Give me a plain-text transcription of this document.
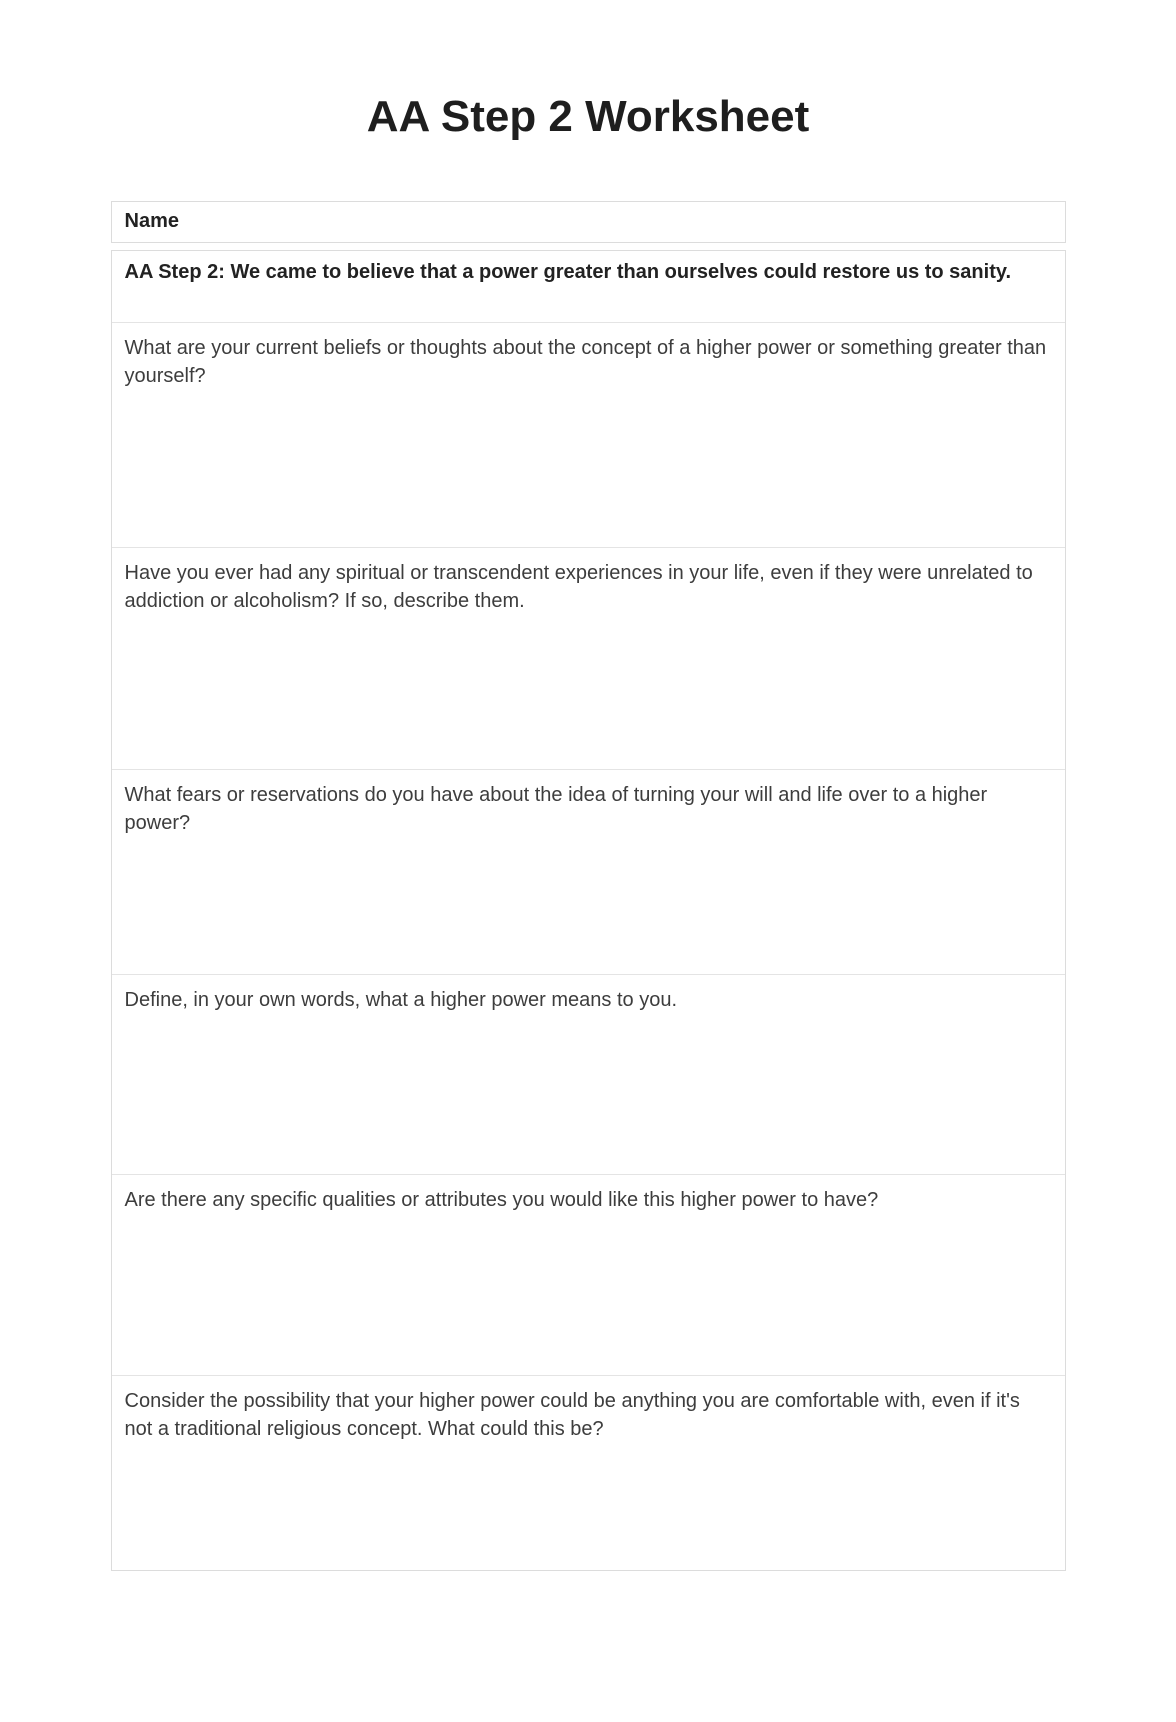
AA Step 2 Worksheet
Name

AA Step 2: We came to believe that a power greater than ourselves could restore us to sanity.

What are your current beliefs or thoughts about the concept of a higher power or something greater than yourself?

Have you ever had any spiritual or transcendent experiences in your life, even if they were unrelated to addiction or alcoholism? If so, describe them.

What fears or reservations do you have about the idea of turning your will and life over to a higher power?

Define, in your own words, what a higher power means to you.

Are there any specific qualities or attributes you would like this higher power to have?

Consider the possibility that your higher power could be anything you are comfortable with, even if it's not a traditional religious concept. What could this be?
